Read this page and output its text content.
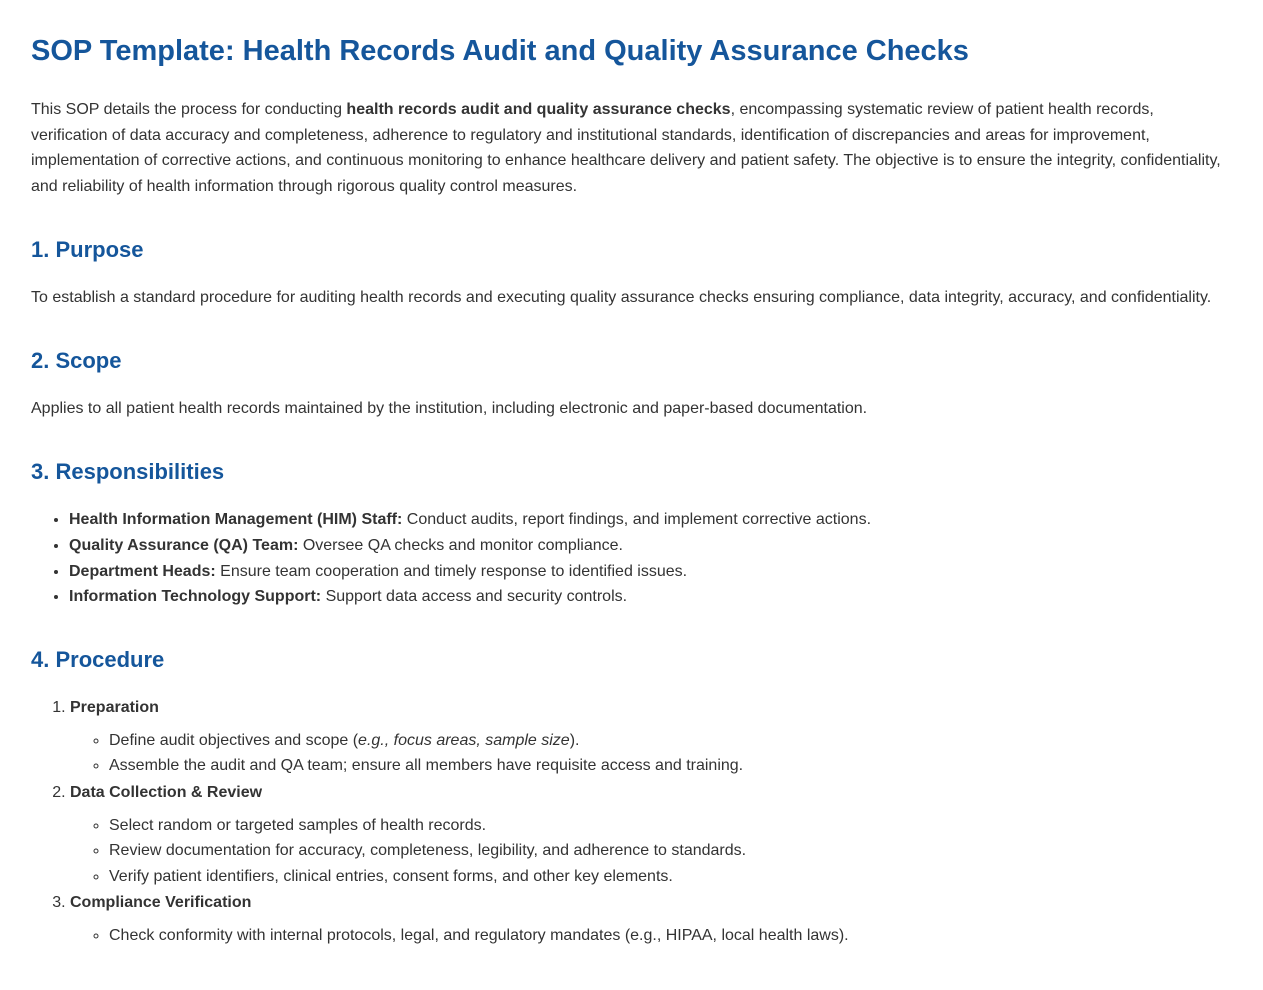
SOP Template: Health Records Audit and Quality Assurance Checks

This SOP details the process for conducting health records audit and quality assurance checks, encompassing systematic review of patient health records, verification of data accuracy and completeness, adherence to regulatory and institutional standards, identification of discrepancies and areas for improvement, implementation of corrective actions, and continuous monitoring to enhance healthcare delivery and patient safety. The objective is to ensure the integrity, confidentiality, and reliability of health information through rigorous quality control measures.

1. Purpose

To establish a standard procedure for auditing health records and executing quality assurance checks ensuring compliance, data integrity, accuracy, and confidentiality.

2. Scope

Applies to all patient health records maintained by the institution, including electronic and paper-based documentation.

3. Responsibilities
• Health Information Management (HIM) Staff: Conduct audits, report findings, and implement corrective actions.
• Quality Assurance (QA) Team: Oversee QA checks and monitor compliance.
• Department Heads: Ensure team cooperation and timely response to identified issues.
• Information Technology Support: Support data access and security controls.
4. Procedure
1. Preparation
◦ Define audit objectives and scope (e.g., focus areas, sample size).
◦ Assemble the audit and QA team; ensure all members have requisite access and training.
2. Data Collection & Review
◦ Select random or targeted samples of health records.
◦ Review documentation for accuracy, completeness, legibility, and adherence to standards.
◦ Verify patient identifiers, clinical entries, consent forms, and other key elements.
3. Compliance Verification
◦ Check conformity with internal protocols, legal, and regulatory mandates (e.g., HIPAA, local health laws).
